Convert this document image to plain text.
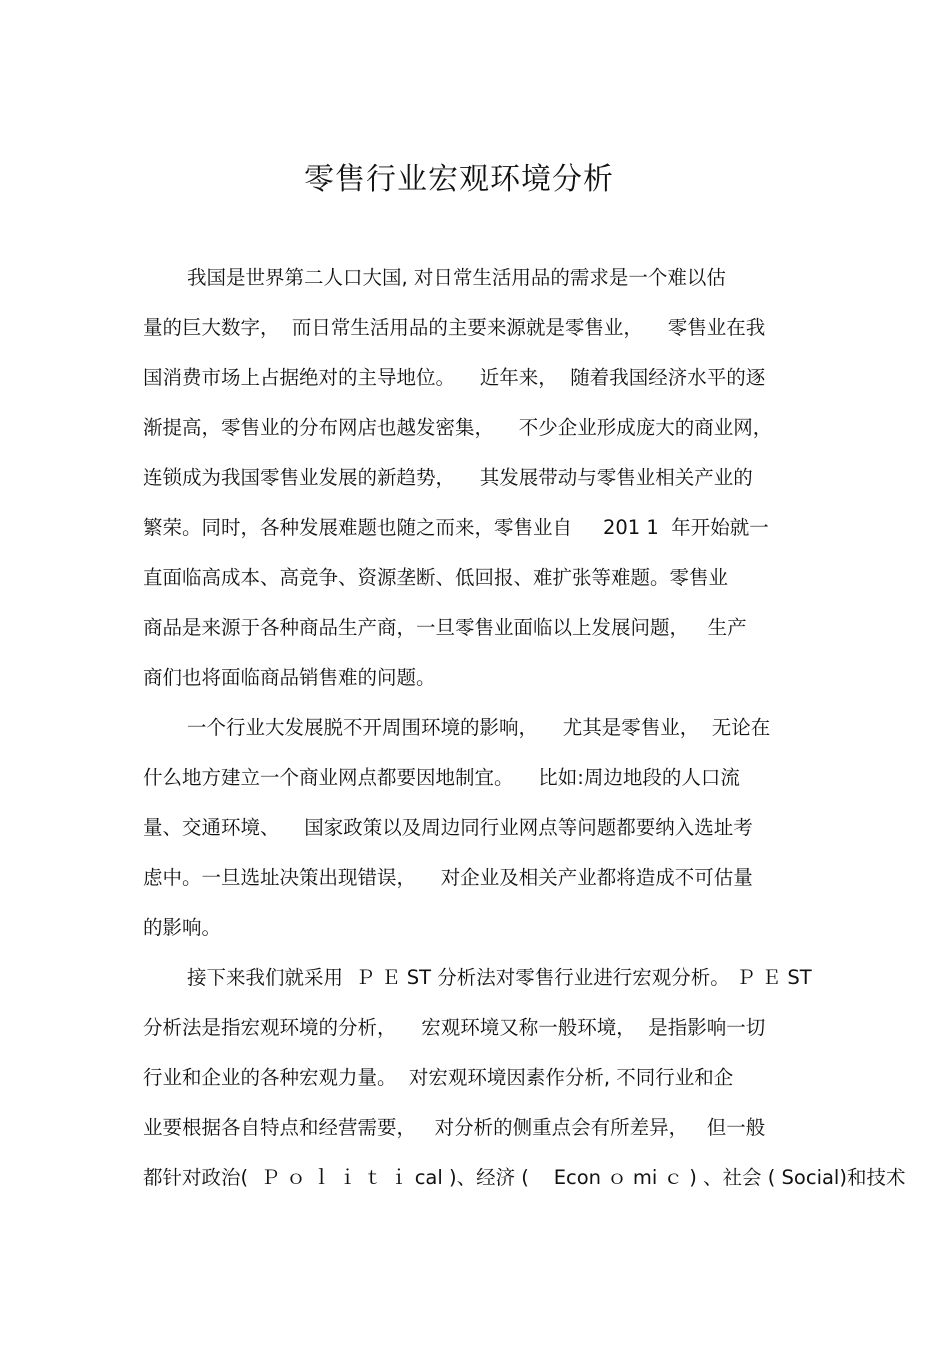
零售行业宏观环境分析
我国是世界第二人口大国, 对日常生活用品的需求是一个难以估
量的巨大数字，  而日常生活用品的主要来源就是零售业，    零售业在我
国消费市场上占据绝对的主导地位。    近年来，  随着我国经济水平的逐
渐提高，零售业的分布网店也越发密集，    不少企业形成庞大的商业网，
连锁成为我国零售业发展的新趋势，    其发展带动与零售业相关产业的
繁荣。同时，各种发展难题也随之而来，零售业自     201 1  年开始就一
直面临高成本、高竞争、资源垄断、低回报、难扩张等难题。零售业
商品是来源于各种商品生产商，一旦零售业面临以上发展问题，   生产
商们也将面临商品销售难的问题。
一个行业大发展脱不开周围环境的影响，    尤其是零售业，  无论在
什么地方建立一个商业网点都要因地制宜。    比如:周边地段的人口流
量、交通环境、    国家政策以及周边同行业网点等问题都要纳入选址考
虑中。一旦选址决策出现错误，    对企业及相关产业都将造成不可估量
的影响。
接下来我们就采用  Ｐ Ｅ ST 分析法对零售行业进行宏观分析。 Ｐ Ｅ ST
分析法是指宏观环境的分析，    宏观环境又称一般环境，  是指影响一切
行业和企业的各种宏观力量。  对宏观环境因素作分析, 不同行业和企
业要根据各自特点和经营需要，   对分析的侧重点会有所差异，   但一般
都针对政治(  Ｐ ｏ ｌ ｉ ｔ ｉ cal )、经济 (    Econ ｏ mi ｃ ) 、社会 ( Social)和技术
